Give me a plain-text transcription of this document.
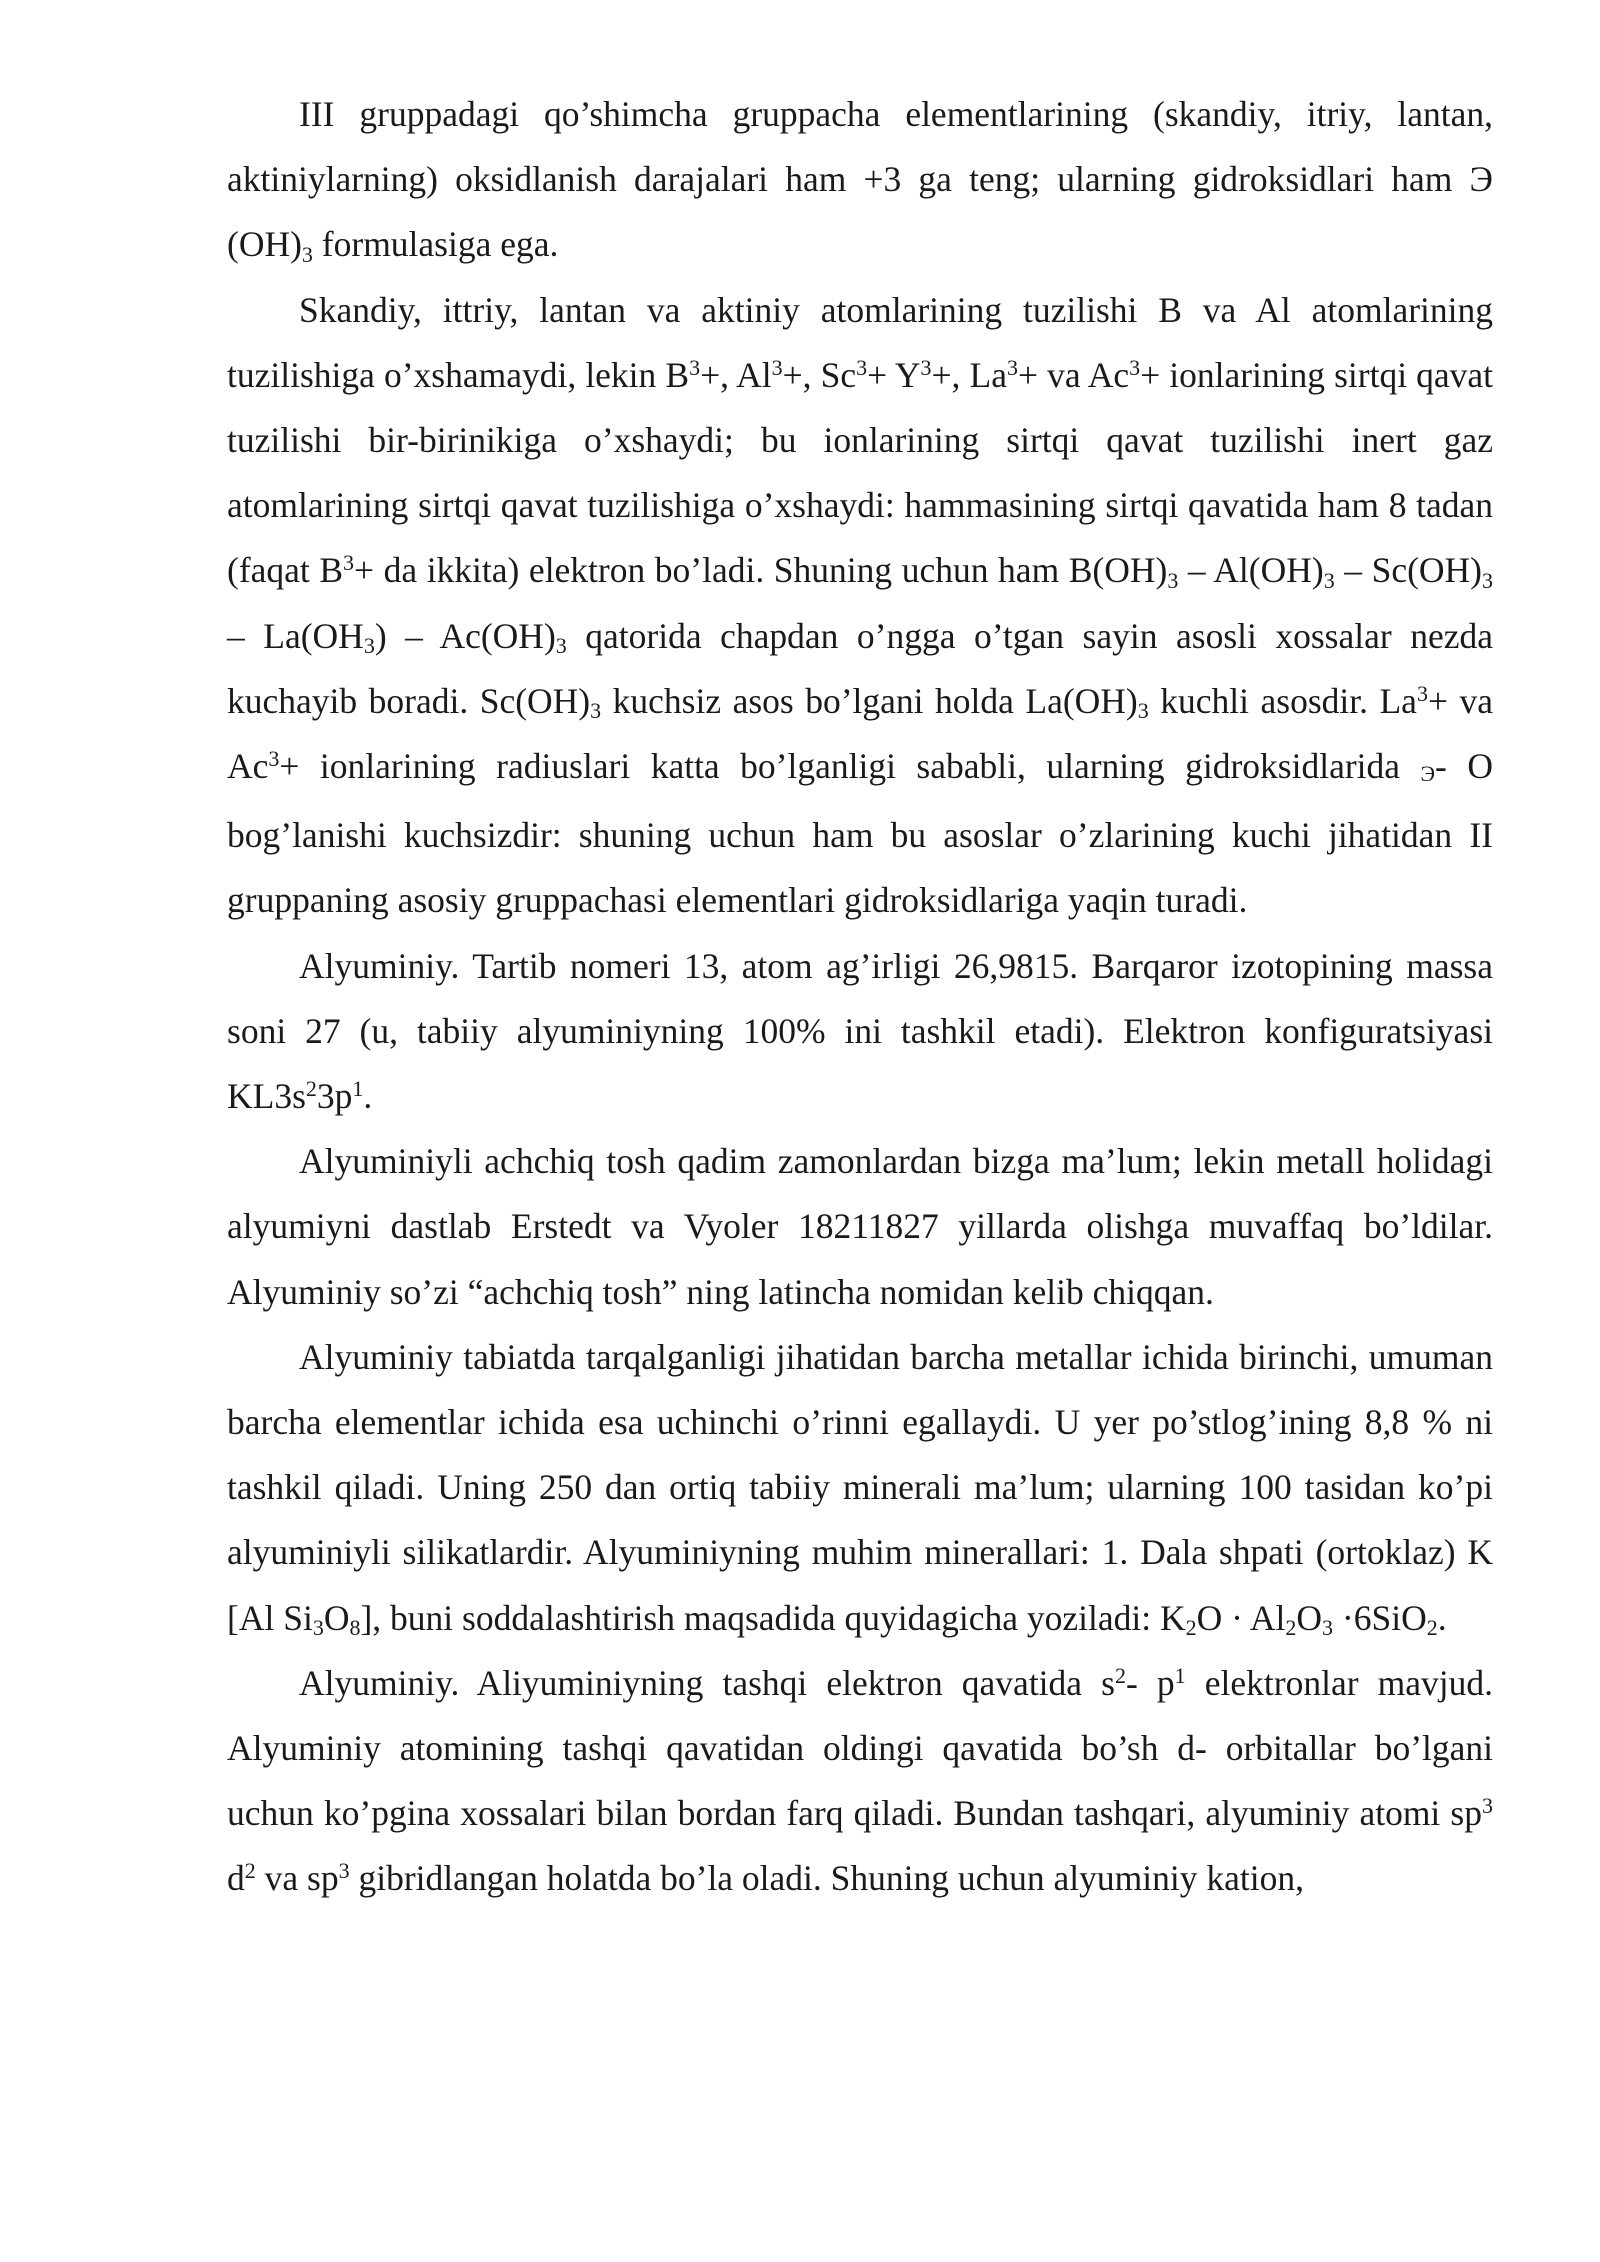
III gruppadagi qo’shimcha gruppacha elementlarining (skandiy, itriy, lantan, aktiniylarning) oksidlanish darajalari ham +3 ga teng; ularning gidroksidlari ham Э $(OH)_3$ formulasiga ega.

Skandiy, ittriy, lantan va aktiniy atomlarining tuzilishi B va Al atomlarining tuzilishiga o’xshamaydi, lekin $B^3+$, $Al^3+$, $Sc^3+ Y^3+$, $La^3+$ va $Ac^3+$ ionlarining sirtqi qavat tuzilishi bir-birinikiga o’xshaydi; bu ionlarining sirtqi qavat tuzilishi inert gaz atomlarining sirtqi qavat tuzilishiga o’xshaydi: hammasining sirtqi qavatida ham 8 tadan (faqat $B^3+$ da ikkita) elektron bo’ladi. Shuning uchun ham $B(OH)_3 - Al(OH)_3 - Sc(OH)_3 - La(OH_3) - Ac(OH)_3$ qatorida chapdan o’ngga o’tgan sayin asosli xossalar nezda kuchayib boradi. $Sc(OH)_3$ kuchsiz asos bo’lgani holda $La(OH)_3$ kuchli asosdir. $La^3+$ va $Ac^3+$ ionlarining radiuslari katta bo’lganligi sababli, ularning gidroksidlarida Э- O bog’lanishi kuchsizdir: shuning uchun ham bu asoslar o’zlarining kuchi jihatidan II gruppaning asosiy gruppachasi elementlari gidroksidlariga yaqin turadi.

Alyuminiy. Tartib nomeri 13, atom ag’irligi 26,9815. Barqaror izotopining massa soni 27 (u, tabiiy alyuminiyning 100% ini tashkil etadi). Elektron konfiguratsiyasi $KL3s^23p^1$.

Alyuminiyli achchiq tosh qadim zamonlardan bizga ma’lum; lekin metall holidagi alyumiyni dastlab Erstedt va Vyoler 18211827 yillarda olishga muvaffaq bo’ldilar. Alyuminiy so’zi “achchiq tosh” ning latincha nomidan kelib chiqqan.

Alyuminiy tabiatda tarqalganligi jihatidan barcha metallar ichida birinchi, umuman barcha elementlar ichida esa uchinchi o’rinni egallaydi. U yer po’stlog’ining 8,8 % ni tashkil qiladi. Uning 250 dan ortiq tabiiy minerali ma’lum; ularning 100 tasidan ko’pi alyuminiyli silikatlardir. Alyuminiyning muhim minerallari: 1. Dala shpati (ortoklaz) K [Al $Si_3O_8$], buni soddalashtirish maqsadida quyidagicha yoziladi: $K_2O \cdot Al_2O_3 \cdot 6SiO_2$.

Alyuminiy. Aliyuminiyning tashqi elektron qavatida $s^2-$ $p^1$ elektronlar mavjud. Alyuminiy atomining tashqi qavatidan oldingi qavatida bo’sh d- orbitallar bo’lgani uchun ko’pgina xossalari bilan bordan farq qiladi. Bundan tashqari, alyuminiy atomi $sp^3$ $d^2$ va $sp^3$ gibridlangan holatda bo’la oladi. Shuning uchun alyuminiy kation,
